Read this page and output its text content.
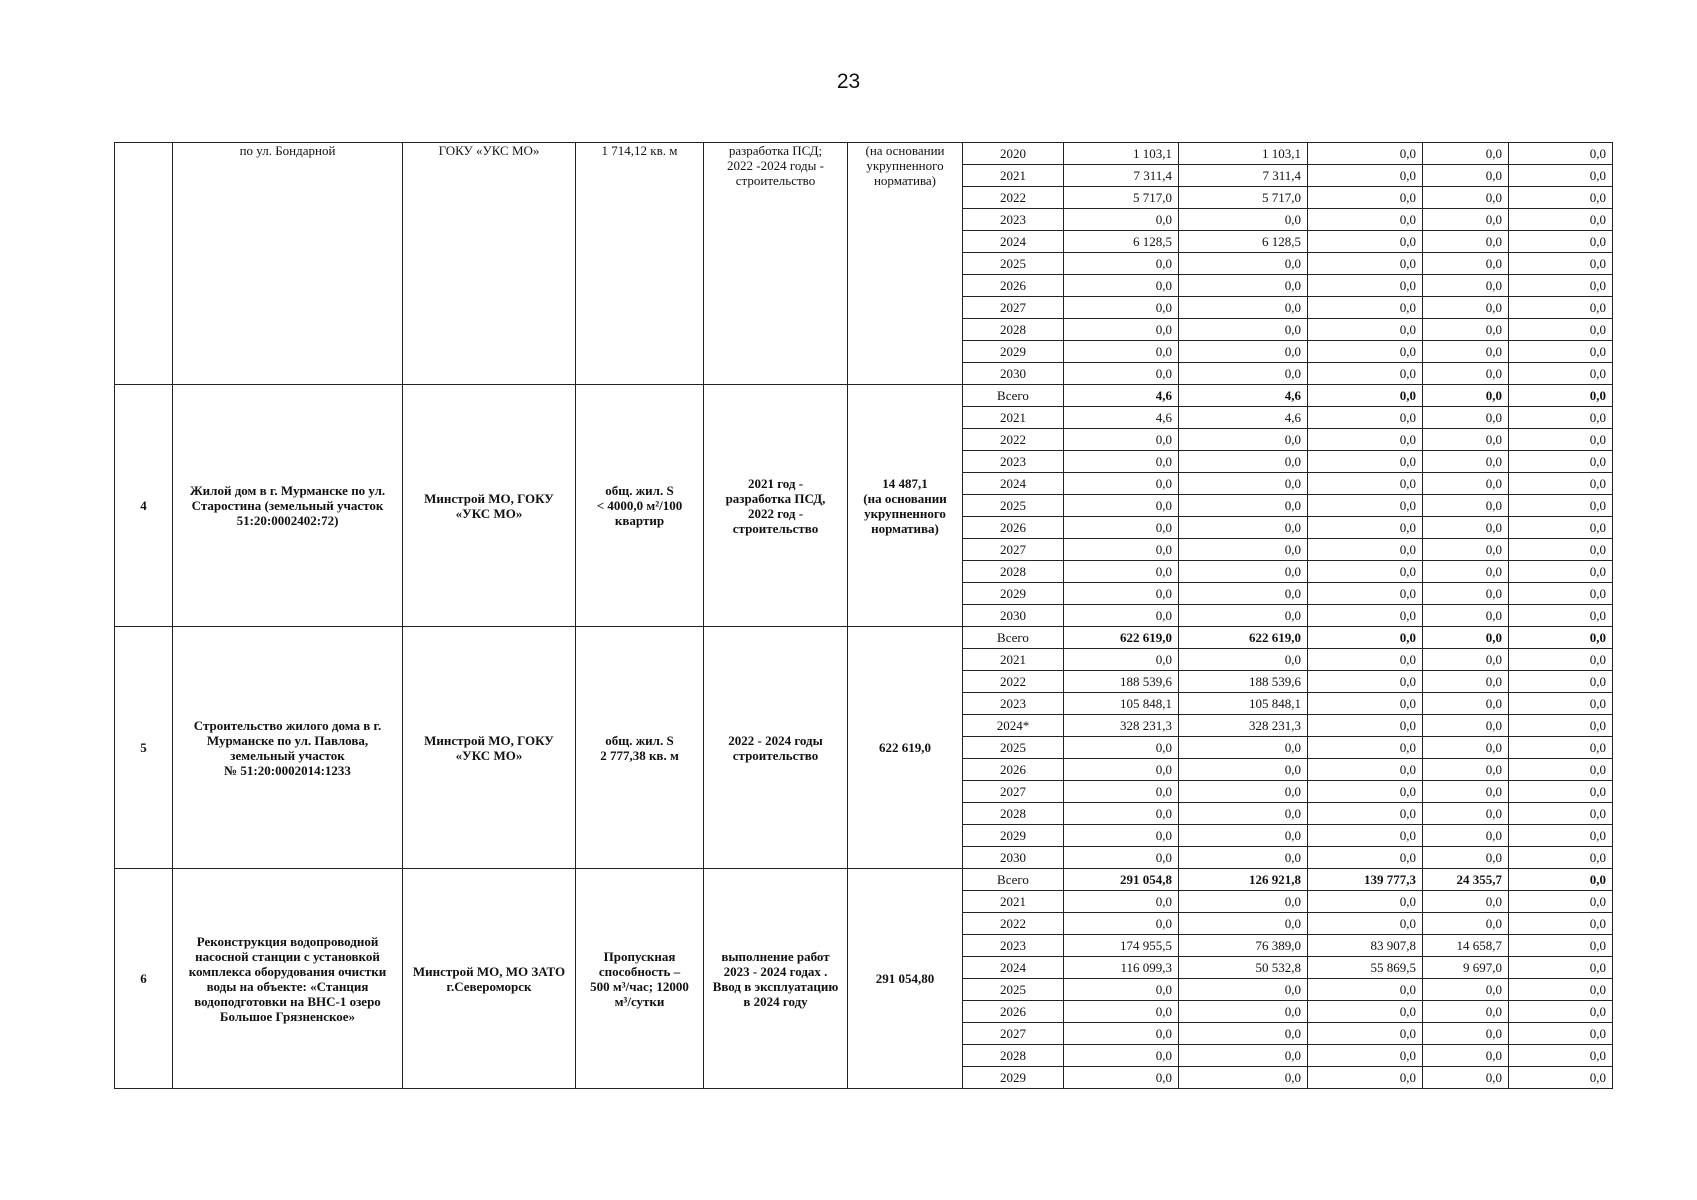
23
	по ул. Бондарной	ГОКУ «УКС МО»	1 714,12 кв. м	разработка ПСД;
2022 -2024 годы -
строительство	(на основании
укрупненного
норматива)	2020	1 103,1	1 103,1	0,0	0,0	0,0
						2021	7 311,4	7 311,4	0,0	0,0	0,0
						2022	5 717,0	5 717,0	0,0	0,0	0,0
						2023	0,0	0,0	0,0	0,0	0,0
						2024	6 128,5	6 128,5	0,0	0,0	0,0
						2025	0,0	0,0	0,0	0,0	0,0
						2026	0,0	0,0	0,0	0,0	0,0
						2027	0,0	0,0	0,0	0,0	0,0
						2028	0,0	0,0	0,0	0,0	0,0
						2029	0,0	0,0	0,0	0,0	0,0
						2030	0,0	0,0	0,0	0,0	0,0
4	Жилой дом в г. Мурманске по ул. Старостина (земельный участок 51:20:0002402:72)	Минстрой МО, ГОКУ «УКС МО»	общ. жил. S
< 4000,0 м²/100
квартир	2021 год -
разработка ПСД,
2022 год -
строительство	14 487,1
(на основании
укрупненного
норматива)	Всего	4,6	4,6	0,0	0,0	0,0
						2021	4,6	4,6	0,0	0,0	0,0
						2022	0,0	0,0	0,0	0,0	0,0
						2023	0,0	0,0	0,0	0,0	0,0
						2024	0,0	0,0	0,0	0,0	0,0
						2025	0,0	0,0	0,0	0,0	0,0
						2026	0,0	0,0	0,0	0,0	0,0
						2027	0,0	0,0	0,0	0,0	0,0
						2028	0,0	0,0	0,0	0,0	0,0
						2029	0,0	0,0	0,0	0,0	0,0
						2030	0,0	0,0	0,0	0,0	0,0
5	Строительство жилого дома в г. Мурманске по ул. Павлова, земельный участок
№ 51:20:0002014:1233	Минстрой МО, ГОКУ «УКС МО»	общ. жил. S
2 777,38 кв. м	2022 - 2024 годы
строительство	622 619,0	Всего	622 619,0	622 619,0	0,0	0,0	0,0
						2021	0,0	0,0	0,0	0,0	0,0
						2022	188 539,6	188 539,6	0,0	0,0	0,0
						2023	105 848,1	105 848,1	0,0	0,0	0,0
						2024*	328 231,3	328 231,3	0,0	0,0	0,0
						2025	0,0	0,0	0,0	0,0	0,0
						2026	0,0	0,0	0,0	0,0	0,0
						2027	0,0	0,0	0,0	0,0	0,0
						2028	0,0	0,0	0,0	0,0	0,0
						2029	0,0	0,0	0,0	0,0	0,0
						2030	0,0	0,0	0,0	0,0	0,0
6	Реконструкция водопроводной насосной станции с установкой комплекса оборудования очистки воды на объекте: «Станция водоподготовки на ВНС-1 озеро Большое Грязненское»	Минстрой МО, МО ЗАТО г.Североморск	Пропускная способность –
500 м³/час; 12000 м³/сутки	выполнение работ 2023 - 2024 годах . Ввод в эксплуатацию в 2024 году	291 054,80	Всего	291 054,8	126 921,8	139 777,3	24 355,7	0,0
						2021	0,0	0,0	0,0	0,0	0,0
						2022	0,0	0,0	0,0	0,0	0,0
						2023	174 955,5	76 389,0	83 907,8	14 658,7	0,0
						2024	116 099,3	50 532,8	55 869,5	9 697,0	0,0
						2025	0,0	0,0	0,0	0,0	0,0
						2026	0,0	0,0	0,0	0,0	0,0
						2027	0,0	0,0	0,0	0,0	0,0
						2028	0,0	0,0	0,0	0,0	0,0
						2029	0,0	0,0	0,0	0,0	0,0
